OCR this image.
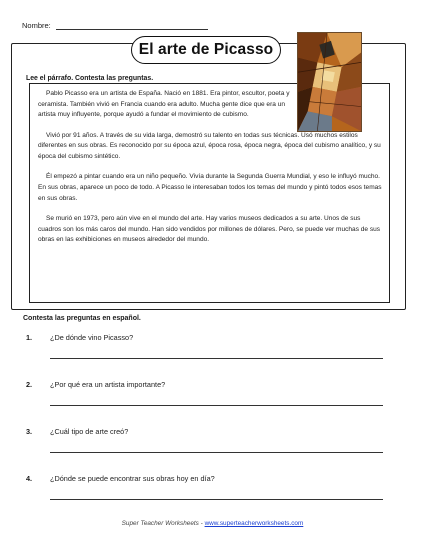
Nombre:
El arte de Picasso
Lee el párrafo. Contesta las preguntas.

Pablo Picasso era un artista de España. Nació en 1881. Era pintor, escultor, poeta y ceramista. También vivió en Francia cuando era adulto. Mucha gente dice que era un artista muy influyente, porque ayudó a fundar el movimiento de cubismo.

Vivió por 91 años. A través de su vida larga, demostró su talento en todas sus técnicas. Usó muchos estilos diferentes en sus obras. Es reconocido por su época azul, época rosa, época negra, época del cubismo analítico, y su época del cubismo sintético.

Él empezó a pintar cuando era un niño pequeño. Vivía durante la Segunda Guerra Mundial, y eso le influyó mucho. En sus obras, aparece un poco de todo. A Picasso le interesaban todos los temas del mundo y pintó todos esos temas en sus obras.

Se murió en 1973, pero aún vive en el mundo del arte. Hay varios museos dedicados a su arte. Unos de sus cuadros son los más caros del mundo. Han sido vendidos por millones de dólares. Pero, se puede ver muchas de sus obras en las exhibiciones en museos alrededor del mundo.

Contesta las preguntas en español.
1. ¿De dónde vino Picasso?
2. ¿Por qué era un artista importante?
3. ¿Cuál tipo de arte creó?
4. ¿Dónde se puede encontrar sus obras hoy en día?
Super Teacher Worksheets - www.superteacherworksheets.com
